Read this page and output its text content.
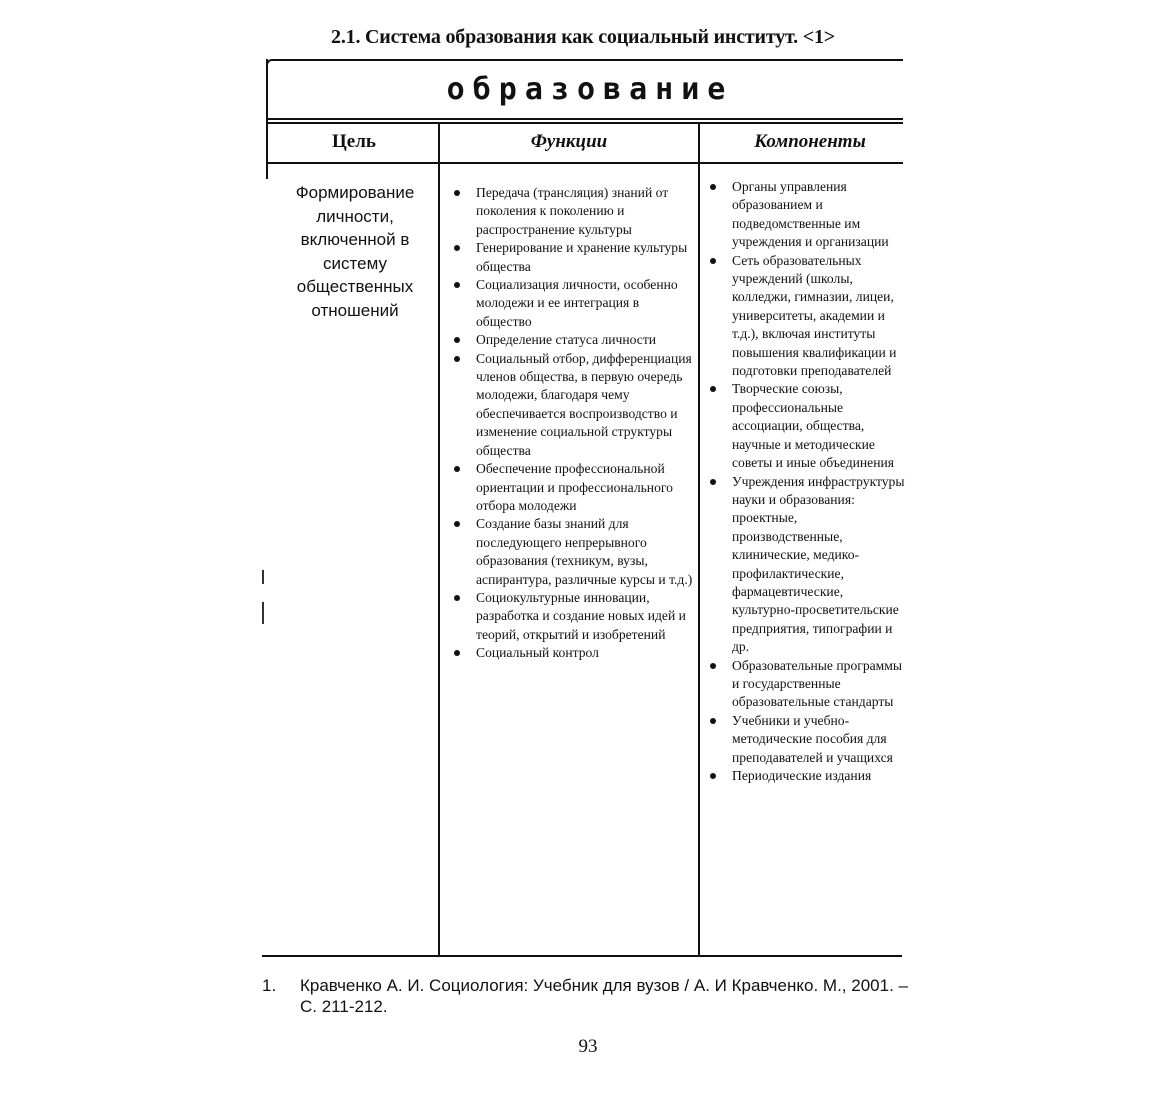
2.1. Система образования как социальный институт. <1>
образование
Цель	Функции	Компоненты
Формирование личности, включенной в систему общественных отношений
Передача (трансляция) знаний от поколения к поколению и распространение культуры
Генерирование и хранение культуры общества
Социализация личности, особенно молодежи и ее интеграция в общество
Определение статуса личности
Социальный отбор, дифференциация членов общества, в первую очередь молодежи, благодаря чему обеспечивается воспроизводство и изменение социальной структуры общества
Обеспечение профессиональной ориентации и профессионального отбора молодежи
Создание базы знаний для последующего непрерывного образования (техникум, вузы, аспирантура, различные курсы и т.д.)
Социокультурные инновации, разработка и создание новых идей и теорий, открытий и изобретений
Социальный контрол
Органы управления образованием и подведомственные им учреждения и организации
Сеть образовательных учреждений (школы, колледжи, гимназии, лицеи, университеты, академии и т.д.), включая институты повышения квалификации и подготовки преподавателей
Творческие союзы, профессиональные ассоциации, общества, научные и методические советы и иные объединения
Учреждения инфраструктуры науки и образования: проектные, производственные, клинические, медико-профилактические, фармацевтические, культурно-просветительские предприятия, типографии и др.
Образовательные программы и государственные образовательные стандарты
Учебники и учебно-методические пособия для преподавателей и учащихся
Периодические издания
1. Кравченко А. И. Социология: Учебник для вузов / А. И Кравченко. М., 2001. – С. 211-212.
93
